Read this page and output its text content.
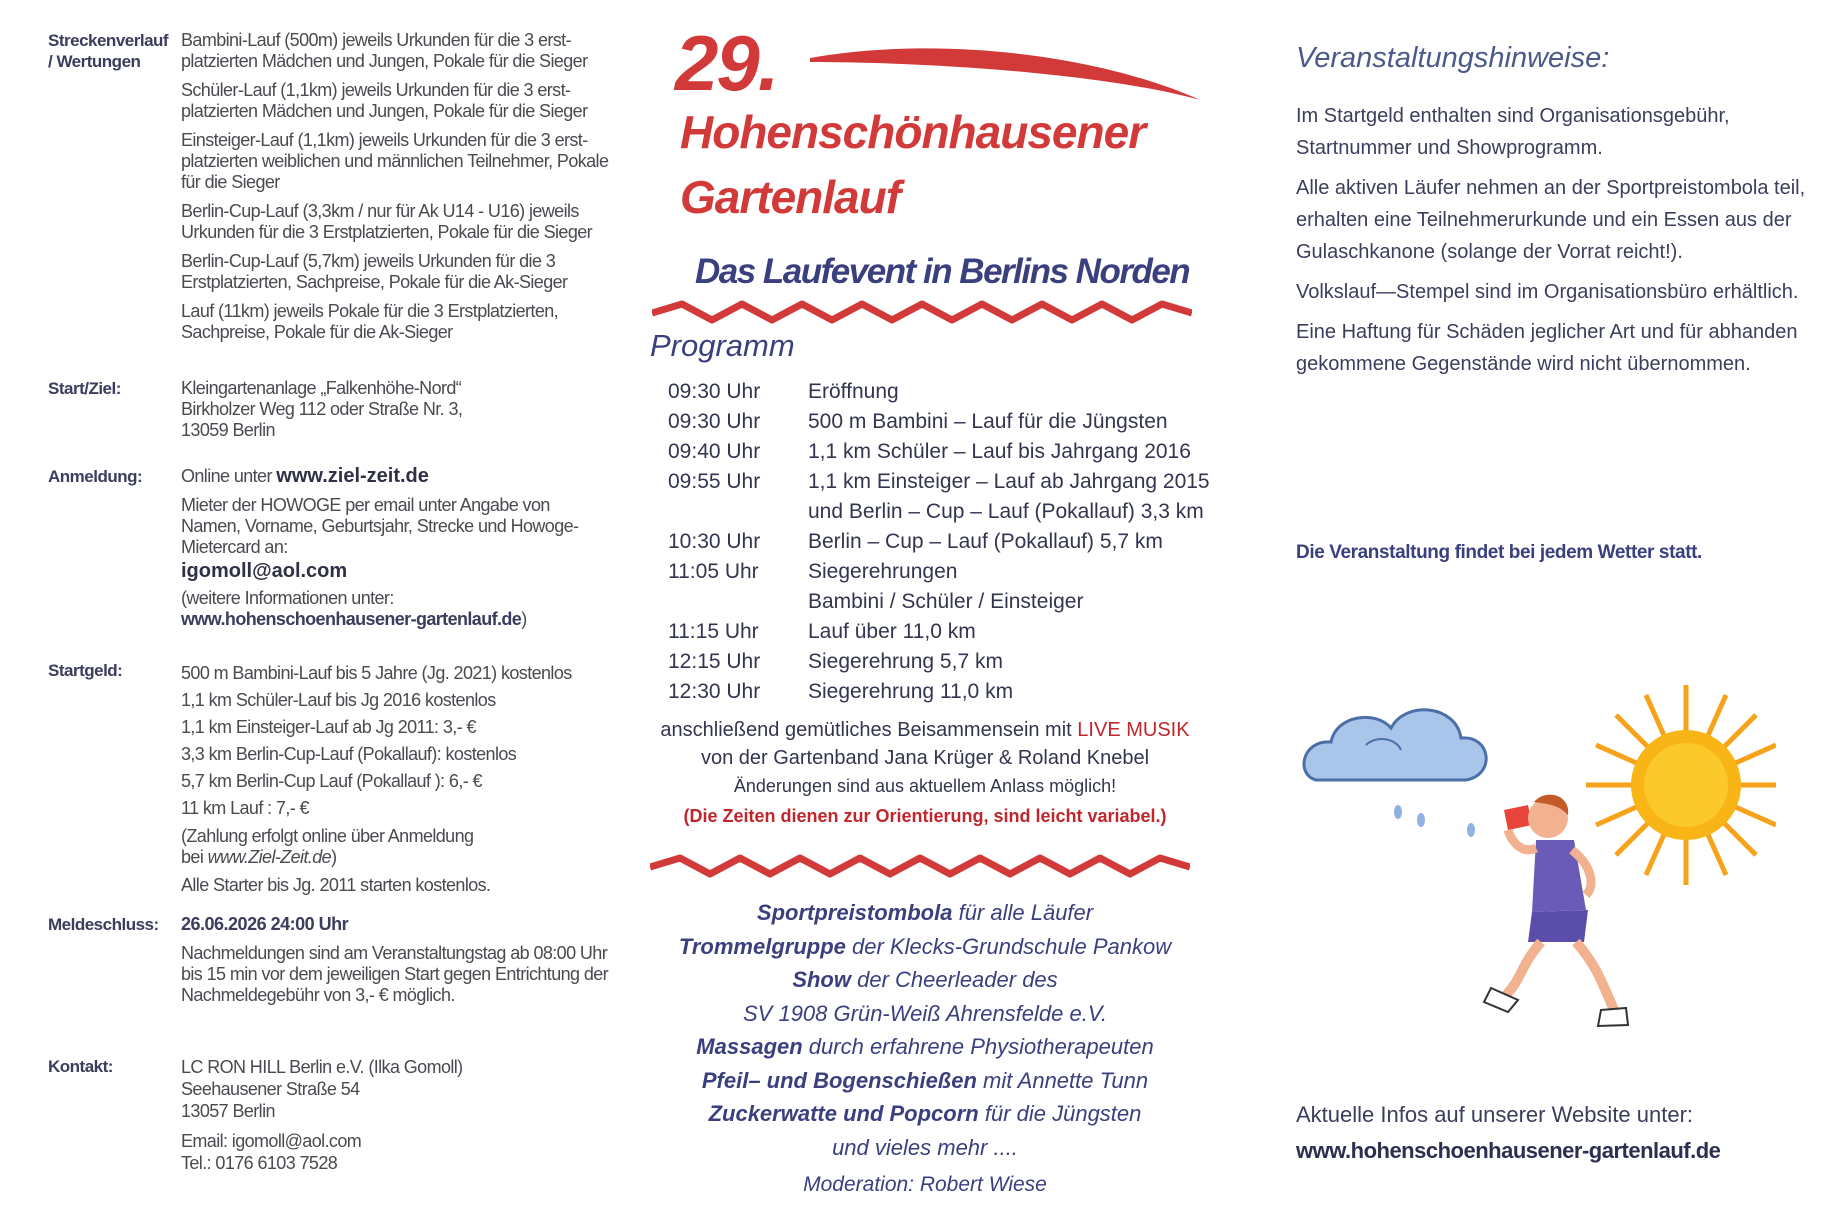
Streckenverlauf / Wertungen

Bambini-Lauf (500m) jeweils Urkunden für die 3 erst-platzierten Mädchen und Jungen, Pokale für die Sieger

Schüler-Lauf (1,1km) jeweils Urkunden für die 3 erst-platzierten Mädchen und Jungen, Pokale für die Sieger

Einsteiger-Lauf (1,1km) jeweils Urkunden für die 3 erst-platzierten weiblichen und männlichen Teilnehmer, Pokale für die Sieger

Berlin-Cup-Lauf (3,3km / nur für Ak U14 - U16) jeweils Urkunden für die 3 Erstplatzierten, Pokale für die Sieger

Berlin-Cup-Lauf (5,7km) jeweils Urkunden für die 3 Erstplatzierten, Sachpreise, Pokale für die Ak-Sieger

Lauf (11km) jeweils Pokale für die 3 Erstplatzierten, Sachpreise, Pokale für die Ak-Sieger

Start/Ziel:	Kleingartenanlage „Falkenhöhe-Nord“
Birkholzer Weg 112 oder Straße Nr. 3,
13059 Berlin
Anmeldung:	Online unter www.ziel-zeit.de

Mieter der HOWOGE per email unter Angabe von Namen, Vorname, Geburtsjahr, Strecke und Howoge-Mietercard an:
igomoll@aol.com
(weitere Informationen unter:
www.hohenschoenhausener-gartenlauf.de)
Startgeld:	500 m Bambini-Lauf bis 5 Jahre (Jg. 2021) kostenlos
1,1 km Schüler-Lauf bis Jg 2016 kostenlos
1,1 km Einsteiger-Lauf ab Jg 2011: 3,- €
3,3 km Berlin-Cup-Lauf (Pokallauf): kostenlos
5,7 km Berlin-Cup Lauf (Pokallauf ): 6,- €
11 km Lauf : 7,- €
(Zahlung erfolgt online über Anmeldung
bei www.Ziel-Zeit.de)
Alle Starter bis Jg. 2011 starten kostenlos.
Meldeschluss:	26.06.2026 24:00 Uhr

Nachmeldungen sind am Veranstaltungstag ab 08:00 Uhr bis 15 min vor dem jeweiligen Start gegen Entrichtung der Nachmeldegebühr von 3,- € möglich.
Kontakt:	LC RON HILL Berlin e.V. (Ilka Gomoll)
Seehausener Straße 54
13057 Berlin
Email: igomoll@aol.com
Tel.: 0176 6103 7528
29.
Hohenschönhausener
Gartenlauf
Das Laufevent in Berlins Norden
Programm
09:30 Uhr Eröffnung
09:30 Uhr 500 m Bambini – Lauf für die Jüngsten
09:40 Uhr 1,1 km Schüler – Lauf bis Jahrgang 2016
09:55 Uhr 1,1 km Einsteiger – Lauf ab Jahrgang 2015
und Berlin – Cup – Lauf (Pokallauf) 3,3 km
10:30 Uhr Berlin – Cup – Lauf (Pokallauf) 5,7 km
11:05 Uhr Siegerehrungen
Bambini / Schüler / Einsteiger
11:15 Uhr Lauf über 11,0 km
12:15 Uhr Siegerehrung 5,7 km
12:30 Uhr Siegerehrung 11,0 km
anschließend gemütliches Beisammensein mit LIVE MUSIK
von der Gartenband Jana Krüger & Roland Knebel
Änderungen sind aus aktuellem Anlass möglich!
(Die Zeiten dienen zur Orientierung, sind leicht variabel.)
Sportpreistombola für alle Läufer
Trommelgruppe der Klecks-Grundschule Pankow
Show der Cheerleader des
SV 1908 Grün-Weiß Ahrensfelde e.V.
Massagen durch erfahrene Physiotherapeuten
Pfeil– und Bogenschießen mit Annette Tunn
Zuckerwatte und Popcorn für die Jüngsten
und vieles mehr ....
Moderation: Robert Wiese
Veranstaltungshinweise:

Im Startgeld enthalten sind Organisationsgebühr, Startnummer und Showprogramm.

Alle aktiven Läufer nehmen an der Sportpreistombola teil, erhalten eine Teilnehmerurkunde und ein Essen aus der Gulaschkanone (solange der Vorrat reicht!).

Volkslauf—Stempel sind im Organisationsbüro erhältlich.

Eine Haftung für Schäden jeglicher Art und für abhanden gekommene Gegenstände wird nicht übernommen.

Die Veranstaltung findet bei jedem Wetter statt.
Aktuelle Infos auf unserer Website unter:
www.hohenschoenhausener-gartenlauf.de
